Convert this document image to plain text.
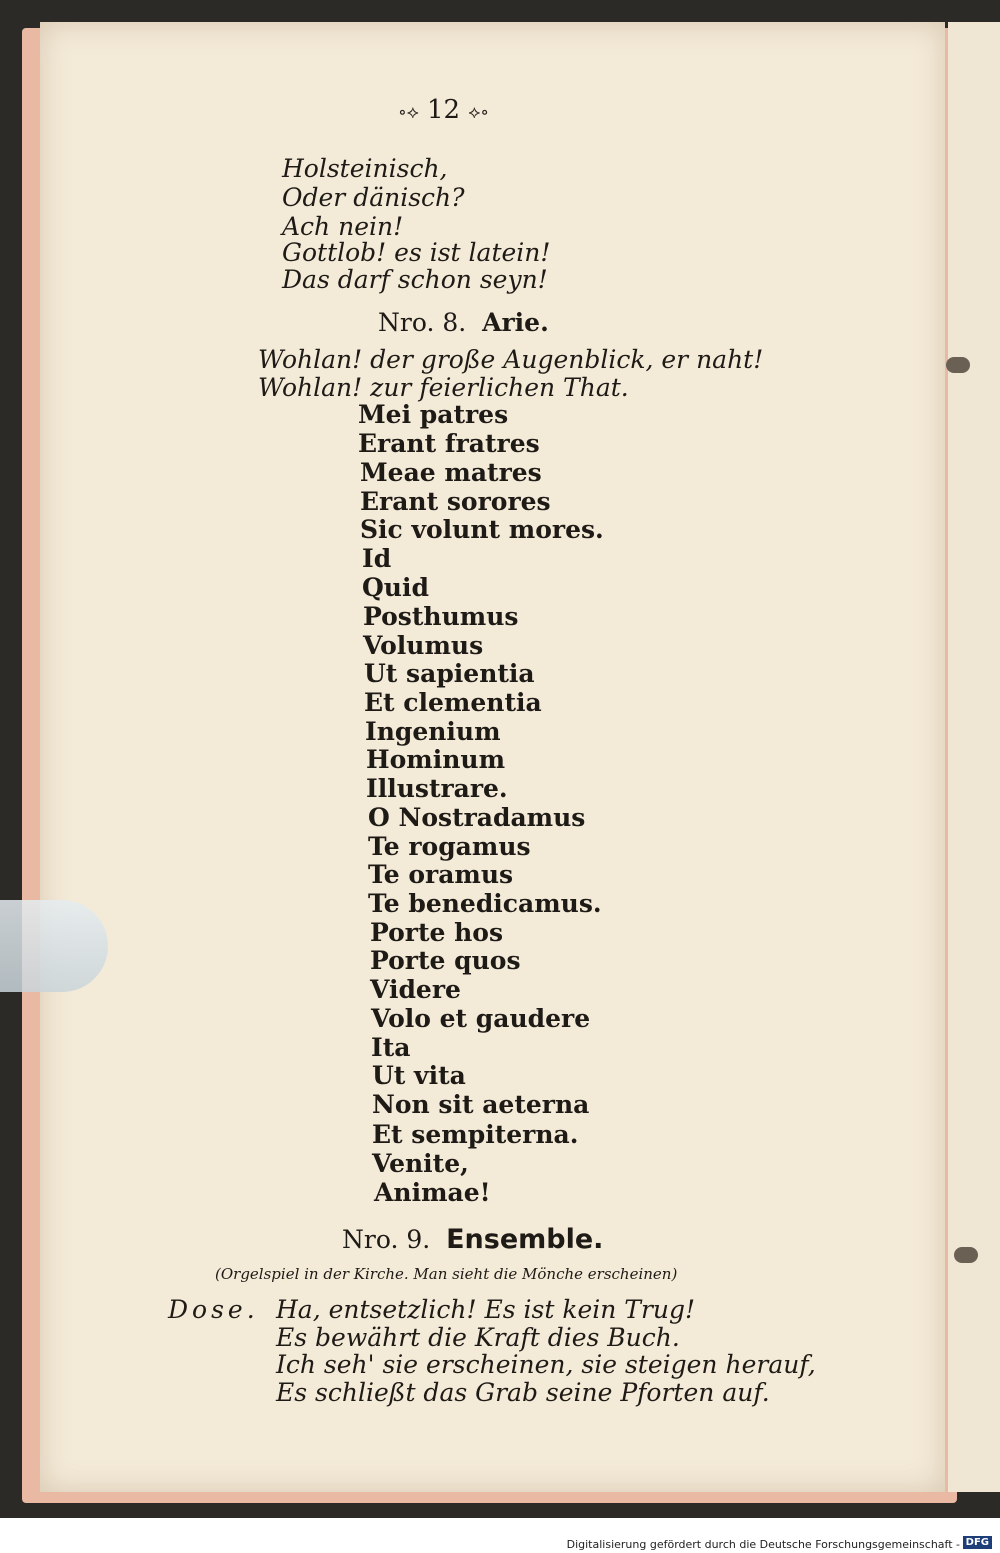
∘⟡ 12 ⟡∘
Holsteinisch,
Oder dänisch?
Ach nein!
Gottlob! es ist latein!
Das darf schon seyn!
Nro. 8. Arie.
Wohlan! der große Augenblick, er naht!
Wohlan! zur feierlichen That.
Mei patres
Erant fratres
Meae matres
Erant sorores
Sic volunt mores.
Id
Quid
Posthumus
Volumus
Ut sapientia
Et clementia
Ingenium
Hominum
Illustrare.
O Nostradamus
Te rogamus
Te oramus
Te benedicamus.
Porte hos
Porte quos
Videre
Volo et gaudere
Ita
Ut vita
Non sit aeterna
Et sempiterna.
Venite,
Animae!
Nro. 9. Ensemble.
(Orgelspiel in der Kirche. Man sieht die Mönche erscheinen)
Dose. Ha, entsetzlich! Es ist kein Trug!
Es bewährt die Kraft dies Buch.
Ich seh' sie erscheinen, sie steigen herauf,
Es schließt das Grab seine Pforten auf.
Digitalisierung gefördert durch die Deutsche Forschungsgemeinschaft - DFG
